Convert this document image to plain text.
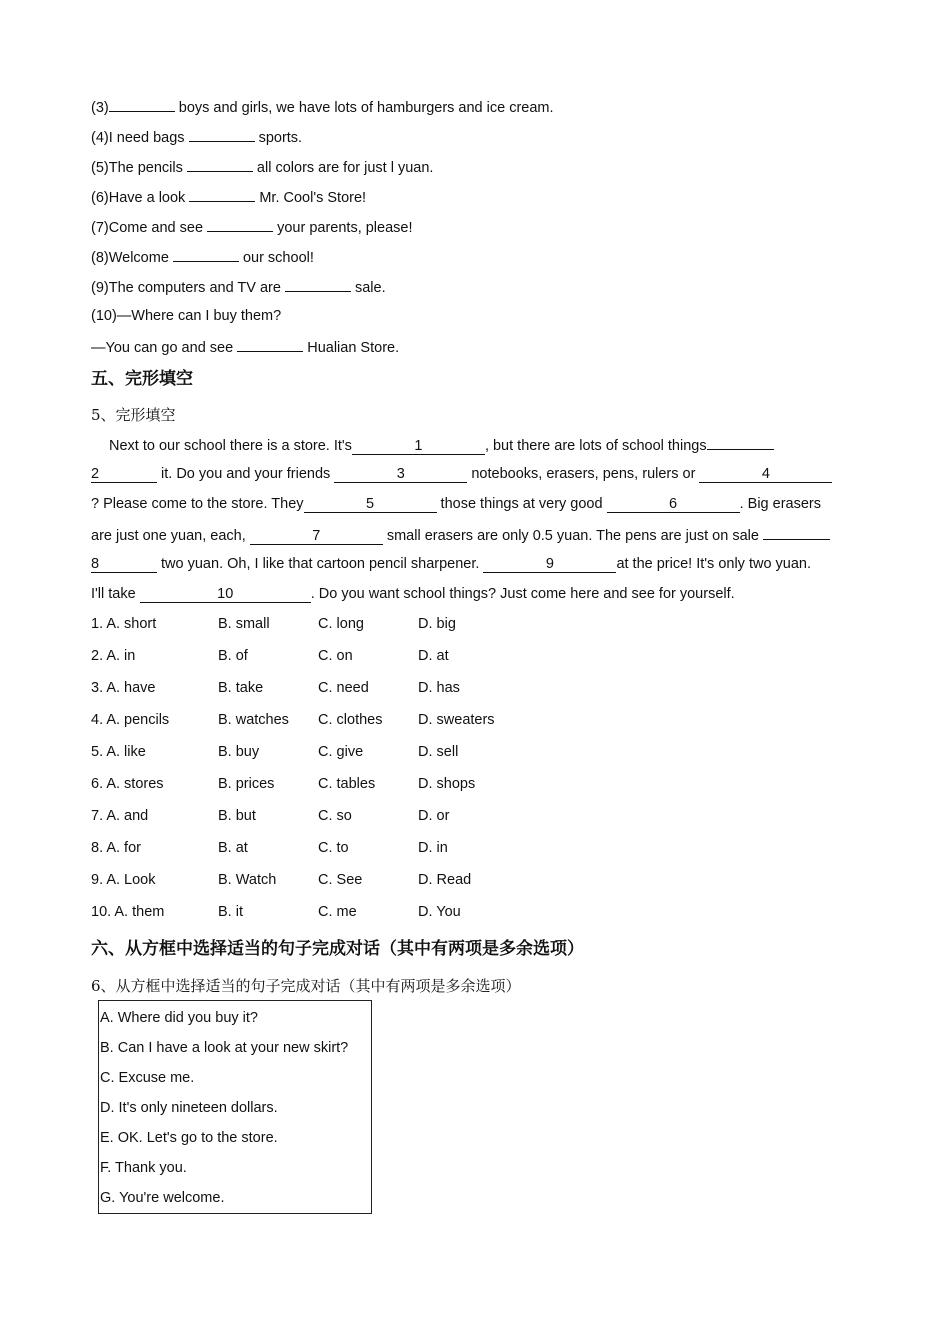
(3)	boys and girls, we have lots of hamburgers and ice cream.
(4)I need bags	sports.
(5)The pencils	all colors are for just l yuan.
(6)Have a look	Mr. Cool's Store!
(7)Come and see	your parents, please!
(8)Welcome	our school!
(9)The computers and TV are	sale.
(10)—Where can I buy them?
—You can go and see	Hualian Store.
五、完形填空
5、完形填空
Next to our school there is a store. It's	1	, but there are lots of school things
2	it. Do you and your friends	3	notebooks, erasers, pens, rulers or	4
? Please come to the store. They	5	those things at very good	6	. Big erasers
are just one yuan, each,	7	small erasers are only 0.5 yuan. The pens are just on sale
8	two yuan. Oh, I like that cartoon pencil sharpener.	9	at the price! It's only two yuan.
I'll take	10	. Do you want school things? Just come here and see for yourself.
1. A. short	B. small	C. long	D. big
2. A. in	B. of	C. on	D. at
3. A. have	B. take	C. need	D. has
4. A. pencils	B. watches C. clothes D. sweaters
5. A. like	B. buy	C. give	D. sell
6. A. stores	B. prices	C. tables	D. shops
7. A. and	B. but	C. so	D. or
8. A. for	B. at	C. to	D. in
9. A. Look	B. Watch	C. See	D. Read
10. A. them	B. it	C. me	D. You
六、从方框中选择适当的句子完成对话（其中有两项是多余选项）
6、从方框中选择适当的句子完成对话（其中有两项是多余选项）
A. Where did you buy it?
B. Can I have a look at your new skirt?
C. Excuse me.
D. It's only nineteen dollars.
E. OK. Let's go to the store.
F. Thank you.
G. You're welcome.
